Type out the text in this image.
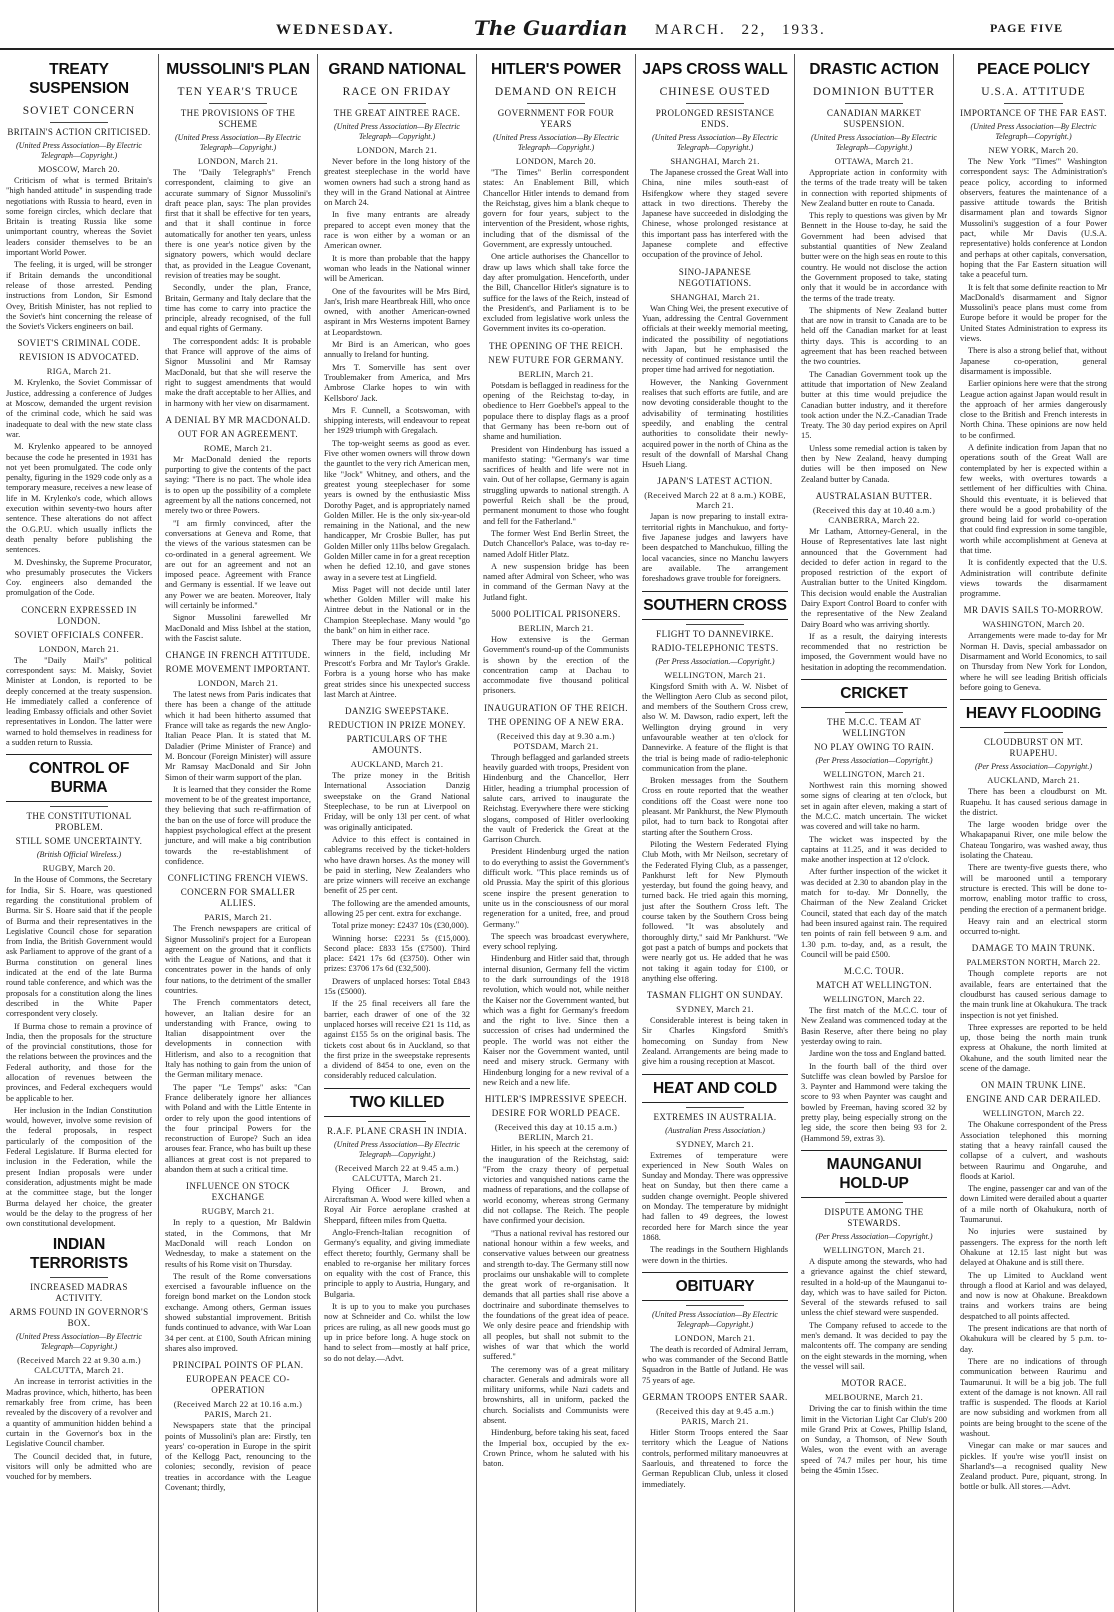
WEDNESDAY.	The Guardian MARCH. 22, 1933.	PAGE FIVE
TREATY SUSPENSION
SOVIET CONCERN
BRITAIN'S ACTION CRITICISED.
(United Press Association—By Electric Telegraph—Copyright.)
MOSCOW, March 20.

Criticism of what is termed Britain's "high handed attitude" in suspending trade negotiations with Russia to heard, even in some foreign circles, which declare that Britain is treating Russia like some unimportant country, whereas the Soviet leaders consider themselves to be an important World Power.

The feeling, it is urged, will be stronger if Britain demands the unconditional release of those arrested. Pending instructions from London, Sir Esmond Ovey, British Minister, has not replied to the Soviet's hint concerning the release of the Soviet's Vickers engineers on bail.

SOVIET'S CRIMINAL CODE.
REVISION IS ADVOCATED.
RIGA, March 21.

M. Krylenko, the Soviet Commissar of Justice, addressing a conference of Judges at Moscow, demanded the urgent revision of the criminal code, which he said was inadequate to deal with the new state class war.

M. Krylenko appeared to be annoyed because the code he presented in 1931 has not yet been promulgated. The code only penalty, figuring in the 1929 code only as a temporary measure, receives a new lease of life in M. Krylenko's code, which allows execution within seventy-two hours after sentence. These alterations do not affect the O.G.P.U. which usually inflicts the death penalty before publishing the sentences.

M. Dveshinsky, the Supreme Procurator, who presumably prosecutes the Vickers Coy. engineers also demanded the promulgation of the Code.

CONCERN EXPRESSED IN LONDON.
SOVIET OFFICIALS CONFER.
LONDON, March 21.

The "Daily Mail's" political correspondent says: M. Maisky, Soviet Minister at London, is reported to be deeply concerned at the treaty suspension. He immediately called a conference of leading Embassy officials and other Soviet representatives in London. The latter were warned to hold themselves in readiness for a sudden return to Russia.

CONTROL OF BURMA
THE CONSTITUTIONAL PROBLEM.
STILL SOME UNCERTAINTY.
(British Official Wireless.)
RUGBY, March 20.

In the House of Commons, the Secretary for India, Sir S. Hoare, was questioned regarding the constitutional problem of Burma. Sir S. Hoare said that if the people of Burma and their representatives in the Legislative Council chose for separation from India, the British Government would ask Parliament to approve of the grant of a Burma constitution on general lines indicated at the end of the late Burma round table conference, and which was the proposals for a constitution along the lines described in the White Paper correspondent very closely.

If Burma chose to remain a province of India, then the proposals for the structure of the provincial constitutions, those for the relations between the provinces and the Federal authority, and those for the allocation of revenues between the provinces, and Federal exchequers would be applicable to her.

Her inclusion in the Indian Constitution would, however, involve some revision of the federal proposals, in respect particularly of the composition of the Federal Legislature. If Burma elected for inclusion in the Federation, while the present Indian proposals were under consideration, adjustments might be made at the committee stage, but the longer Burma delayed her choice, the greater would be the delay to the progress of her own constitutional development.

INDIAN TERRORISTS
INCREASED MADRAS ACTIVITY.
ARMS FOUND IN GOVERNOR'S BOX.
(United Press Association—By Electric Telegraph—Copyright.)
(Received March 22 at 9.30 a.m.) CALCUTTA, March 21.

An increase in terrorist activities in the Madras province, which, hitherto, has been remarkably free from crime, has been revealed by the discovery of a revolver and a quantity of ammunition hidden behind a curtain in the Governor's box in the Legislative Council chamber.

The Council decided that, in future, visitors will only be admitted who are vouched for by members.

MUSSOLINI'S PLAN
TEN YEAR'S TRUCE
THE PROVISIONS OF THE SCHEME
(United Press Association—By Electric Telegraph—Copyright.)
LONDON, March 21.

The "Daily Telegraph's" French correspondent, claiming to give an accurate summary of Signor Mussolini's draft peace plan, says: The plan provides first that it shall be effective for ten years, and that it shall continue in force automatically for another ten years, unless there is one year's notice given by the signatory powers, which would declare that, as provided in the League Covenant, revision of treaties may be sought.

Secondly, under the plan, France, Britain, Germany and Italy declare that the time has come to carry into practice the principle, already recognised, of the full and equal rights of Germany.

The correspondent adds: It is probable that France will approve of the aims of Signor Mussolini and Mr Ramsay MacDonald, but that she will reserve the right to suggest amendments that would make the draft acceptable to her Allies, and in harmony with her view on disarmament.

A DENIAL BY MR MACDONALD.
OUT FOR AN AGREEMENT.
ROME, March 21.

Mr MacDonald denied the reports purporting to give the contents of the pact saying: "There is no pact. The whole idea is to open up the possibility of a complete agreement by all the nations concerned, not merely two or three Powers.

"I am firmly convinced, after the conversations at Geneva and Rome, that the views of the various statesmen can be co-ordinated in a general agreement. We are out for an agreement and not an imposed peace. Agreement with France and Germany is essential. If we leave out any Power we are beaten. Moreover, Italy will certainly be informed."

Signor Mussolini farewelled Mr MacDonald and Miss Ishbel at the station, with the Fascist salute.

CHANGE IN FRENCH ATTITUDE.
ROME MOVEMENT IMPORTANT.
LONDON, March 21.

The latest news from Paris indicates that there has been a change of the attitude which it had been hitherto assumed that France will take as regards the new Anglo-Italian Peace Plan. It is stated that M. Daladier (Prime Minister of France) and M. Boncour (Foreign Minister) will assure Mr Ramsay MacDonald and Sir John Simon of their warm support of the plan.

It is learned that they consider the Rome movement to be of the greatest importance, they believing that such re-affirmation of the ban on the use of force will produce the happiest psychological effect at the present juncture, and will make a big contribution towards the re-establishment of confidence.

CONFLICTING FRENCH VIEWS.
CONCERN FOR SMALLER ALLIES.
PARIS, March 21.

The French newspapers are critical of Signor Mussolini's project for a European agreement on the ground that it conflicts with the League of Nations, and that it concentrates power in the hands of only four nations, to the detriment of the smaller countries.

The French commentators detect, however, an Italian desire for an understanding with France, owing to Italian disappointment over the developments in connection with Hitlerism, and also to a recognition that Italy has nothing to gain from the union of the German military menace.

The paper "Le Temps" asks: "Can France deliberately ignore her alliances with Poland and with the Little Entente in order to rely upon the good intentions of the four principal Powers for the reconstruction of Europe? Such an idea arouses fear. France, who has built up these alliances at great cost is not prepared to abandon them at such a critical time.

INFLUENCE ON STOCK EXCHANGE
RUGBY, March 21.

In reply to a question, Mr Baldwin stated, in the Commons, that Mr MacDonald will reach London on Wednesday, to make a statement on the results of his Rome visit on Thursday.

The result of the Rome conversations exercised a favourable influence on the foreign bond market on the London stock exchange. Among others, German issues showed substantial improvement. British funds continued to advance, with War Loan 34 per cent. at £100, South African mining shares also improved.

PRINCIPAL POINTS OF PLAN.
EUROPEAN PEACE CO-OPERATION
(Received March 22 at 10.16 a.m.) PARIS, March 21.

Newspapers state that the principal points of Mussolini's plan are: Firstly, ten years' co-operation in Europe in the spirit of the Kellogg Pact, renouncing to the colonies; secondly, revision of peace treaties in accordance with the League Covenant; thirdly,

GRAND NATIONAL
RACE ON FRIDAY
THE GREAT AINTREE RACE.
(United Press Association—By Electric Telegraph—Copyright.)
LONDON, March 21.

Never before in the long history of the greatest steeplechase in the world have women owners had such a strong hand as they will in the Grand National at Aintree on March 24.

In five many entrants are already prepared to accept even money that the race is won either by a woman or an American owner.

It is more than probable that the happy woman who leads in the National winner will be American.

One of the favourites will be Mrs Bird, Jan's, Irish mare Heartbreak Hill, who once owned, with another American-owned aspirant in Mrs Westerns impotent Barney at Leopardstown.

Mr Bird is an American, who goes annually to Ireland for hunting.

Mrs T. Somerville has sent over Troublemaker from America, and Mrs Ambrose Clarke hopes to win with Kellsboro' Jack.

Mrs F. Cunnell, a Scotswoman, with shipping interests, will endeavour to repeat her 1929 triumph with Gregalach.

The top-weight seems as good as ever. Five other women owners will throw down the gauntlet to the very rich American men, like "Jock" Whitney, and others, and the greatest young steeplechaser for some years is owned by the enthusiastic Miss Dorothy Paget, and is appropriately named Golden Miller. He is the only six-year-old remaining in the National, and the new handicapper, Mr Crosbie Buller, has put Golden Miller only 11lbs below Gregalach. Golden Miller came in for a great reception when he defied 12.10, and gave stones away in a severe test at Lingfield.

Miss Paget will not decide until later whether Golden Miller will make his Aintree debut in the National or in the Champion Steeplechase. Many would "go the bank" on him in either race.

There may be four previous National winners in the field, including Mr Prescott's Forbra and Mr Taylor's Grakle. Forbra is a young horse who has make great strides since his unexpected success last March at Aintree.

DANZIG SWEEPSTAKE.
REDUCTION IN PRIZE MONEY.
PARTICULARS OF THE AMOUNTS.
AUCKLAND, March 21.

The prize money in the British International Association Danzig sweepstake on the Grand National Steeplechase, to be run at Liverpool on Friday, will be only 13l per cent. of what was originally anticipated.

Advice to this effect is contained in cablegrams received by the ticket-holders who have drawn horses. As the money will be paid in sterling, New Zealanders who are prize winners will receive an exchange benefit of 25 per cent.

The following are the amended amounts, allowing 25 per cent. extra for exchange.

Total prize money: £2437 10s (£30,000).

Winning horse: £2231 5s (£15,000). Second place: £833 15s (£7500). Third place: £421 17s 6d (£3750). Other win prizes: £3706 17s 6d (£32,500).

Drawers of unplaced horses: Total £843 15s (£5000).

If the 25 final receivers all fare the barrier, each drawer of one of the 32 unplaced horses will receive £21 1s 11d, as against £155 5s on the original basis. The tickets cost about 6s in Auckland, so that the first prize in the sweepstake represents a dividend of 8454 to one, even on the considerably reduced calculation.

TWO KILLED
R.A.F. PLANE CRASH IN INDIA.
(United Press Association—By Electric Telegraph—Copyright.)
(Received March 22 at 9.45 a.m.) CALCUTTA, March 21.

Flying Officer J. Brown, and Aircraftsman A. Wood were killed when a Royal Air Force aeroplane crashed at Sheppard, fifteen miles from Quetta.

Anglo-French-Italian recognition of Germany's equality, and giving immediate effect thereto; fourthly, Germany shall be enabled to re-organise her military forces on equality with the cost of France, this principle to apply to Austria, Hungary, and Bulgaria.

It is up to you to make you purchases now at Schneider and Co. whilst the low prices are ruling, as all new goods must go up in price before long. A huge stock on hand to select from—mostly at half price, so do not delay.—Advt.

HITLER'S POWER
DEMAND ON REICH
GOVERNMENT FOR FOUR YEARS
(United Press Association—By Electric Telegraph—Copyright.)
LONDON, March 20.

"The Times" Berlin correspondent states: An Enablement Bill, which Chancellor Hitler intends to demand from the Reichstag, gives him a blank cheque to govern for four years, subject to the intervention of the President, whose rights, including that of the dismissal of the Government, are expressly untouched.

One article authorises the Chancellor to draw up laws which shall take force the day after promulgation. Henceforth, under the Bill, Chancellor Hitler's signature is to suffice for the laws of the Reich, instead of the President's, and Parliament is to be excluded from legislative work unless the Government invites its co-operation.

THE OPENING OF THE REICH.
NEW FUTURE FOR GERMANY.
BERLIN, March 21.

Potsdam is beflagged in readiness for the opening of the Reichstag to-day, in obedience to Herr Goebbel's appeal to the populace there to display flags as a proof that Germany has been re-born out of shame and humiliation.

President von Hindenburg has issued a manifesto stating: "Germany's war time sacrifices of health and life were not in vain. Out of her collapse, Germany is again struggling upwards to national strength. A powerful Reich shall be the proud, permanent monument to those who fought and fell for the Fatherland."

The former West End Berlin Street, the Dutch Chancellor's Palace, was to-day re-named Adolf Hitler Platz.

A new suspension bridge has been named after Admiral von Scheer, who was in command of the German Navy at the Jutland fight.

5000 POLITICAL PRISONERS.
BERLIN, March 21.

How extensive is the German Government's round-up of the Communists is shown by the erection of the concentration camp at Dachau to accommodate five thousand political prisoners.

INAUGURATION OF THE REICH.
THE OPENING OF A NEW ERA.
(Received this day at 9.30 a.m.) POTSDAM, March 21.

Through beflagged and garlanded streets heavily guarded with troops, President von Hindenburg and the Chancellor, Herr Hitler, heading a triumphal procession of salute cars, arrived to inaugurate the Reichstag. Everywhere there were sticking slogans, composed of Hitler overlooking the vault of Frederick the Great at the Garrison Church.

President Hindenburg urged the nation to do everything to assist the Government's difficult work. "This place reminds us of old Prussia. May the spirit of this glorious scene inspire the present generation to unite us in the consciousness of our moral regeneration for a united, free, and proud Germany."

The speech was broadcast everywhere, every school replying.

Hindenburg and Hitler said that, through internal disunion, Germany fell the victim to the dark surroundings of the 1918 revolution, which would not, while neither the Kaiser nor the Government wanted, but which was a fight for Germany's freedom and the right to live. Since then a succession of crises had undermined the people. The world was not either the Kaiser nor the Government wanted, until need and misery struck. Germany with Hindenburg longing for a new revival of a new Reich and a new life.

HITLER'S IMPRESSIVE SPEECH.
DESIRE FOR WORLD PEACE.
(Received this day at 10.15 a.m.) BERLIN, March 21.

Hitler, in his speech at the ceremony of the inauguration of the Reichstag, said: "From the crazy theory of perpetual victories and vanquished nations came the madness of reparations, and the collapse of world economy, whereas strong Germany did not collapse. The Reich. The people have confirmed your decision.

"Thus a national revival has restored our national honour within a few weeks, and conservative values between our greatness and strength to-day. The Germany still now proclaims our unshakable will to complete the great work of re-organisation. It demands that all parties shall rise above a doctrinaire and subordinate themselves to the foundations of the great idea of peace. We only desire peace and friendship with all peoples, but shall not submit to the wishes of war that which the world suffered."

The ceremony was of a great military character. Generals and admirals wore all military uniforms, while Nazi cadets and brownshirts, all in uniform, packed the church. Socialists and Communists were absent.

Hindenburg, before taking his seat, faced the Imperial box, occupied by the ex-Crown Prince, whom he saluted with his baton.

JAPS CROSS WALL
CHINESE OUSTED
PROLONGED RESISTANCE ENDS.
(United Press Association—By Electric Telegraph—Copyright.)
SHANGHAI, March 21.

The Japanese crossed the Great Wall into China, nine miles south-east of Hsifengkow where they staged severe attack in two directions. Thereby the Japanese have succeeded in dislodging the Chinese, whose prolonged resistance at this important pass has interfered with the Japanese complete and effective occupation of the province of Jehol.

SINO-JAPANESE NEGOTIATIONS.
SHANGHAI, March 21.

Wan Ching Wei, the present executive of Yuan, addressing the Central Government officials at their weekly memorial meeting, indicated the possibility of negotiations with Japan, but he emphasised the necessity of continued resistance until the proper time had arrived for negotiation.

However, the Nanking Government realises that such efforts are futile, and are now devoting considerable thought to the advisability of terminating hostilities speedily, and enabling the central authorities to consolidate their newly-acquired power in the north of China as the result of the downfall of Marshal Chang Hsueh Liang.

JAPAN'S LATEST ACTION.
(Received March 22 at 8 a.m.) KOBE, March 21.

Japan is now preparing to install extra-territorial rights in Manchukuo, and forty-five Japanese judges and lawyers have been despatched to Manchukuo, filling the local vacancies, since no Manchu lawyers are available. The arrangement foreshadows grave trouble for foreigners.

SOUTHERN CROSS
FLIGHT TO DANNEVIRKE.
RADIO-TELEPHONIC TESTS.
(Per Press Association.—Copyright.)
WELLINGTON, March 21.

Kingsford Smith with A. W. Nisbet of the Wellington Aero Club as second pilot, and members of the Southern Cross crew, also W. M. Dawson, radio expert, left the Wellington drying ground in very unfavourable weather at ten o'clock for Dannevirke. A feature of the flight is that the trial is being made of radio-telephonic communication from the plane.

Broken messages from the Southern Cross en route reported that the weather conditions off the Coast were none too pleasant. Mr Pankhurst, the New Plymouth pilot, had to turn back to Rongotai after starting after the Southern Cross.

Piloting the Western Federated Flying Club Moth, with Mr Neilson, secretary of the Federated Flying Club, as a passenger, Pankhurst left for New Plymouth yesterday, but found the going heavy, and turned back. He tried again this morning, just after the Southern Cross left. The course taken by the Southern Cross being followed. "It was absolutely and thoroughly dirty," said Mr Pankhurst. "We got past a patch of bumps and pockets that were nearly got us. He added that he was not taking it again today for £100, or anything else offering.

TASMAN FLIGHT ON SUNDAY.
SYDNEY, March 21.

Considerable interest is being taken in Sir Charles Kingsford Smith's homecoming on Sunday from New Zealand. Arrangements are being made to give him a rousing reception at Mascot.

HEAT AND COLD
EXTREMES IN AUSTRALIA.
(Australian Press Association.)
SYDNEY, March 21.

Extremes of temperature were experienced in New South Wales on Sunday and Monday. There was oppressive heat on Sunday, but then there came a sudden change overnight. People shivered on Monday. The temperature by midnight had fallen to 49 degrees, the lowest recorded here for March since the year 1868.

The readings in the Southern Highlands were down in the thirties.

OBITUARY
(United Press Association—By Electric Telegraph—Copyright.)
LONDON, March 21.

The death is recorded of Admiral Jerram, who was commander of the Second Battle Squadron in the Battle of Jutland. He was 75 years of age.

GERMAN TROOPS ENTER SAAR.
(Received this day at 9.45 a.m.) PARIS, March 21.

Hitler Storm Troops entered the Saar territory which the League of Nations controls, performed military manoeuvres at Saarlouis, and threatened to force the German Republican Club, unless it closed immediately.

DRASTIC ACTION
DOMINION BUTTER
CANADIAN MARKET SUSPENSION.
(United Press Association—By Electric Telegraph—Copyright.)
OTTAWA, March 21.

Appropriate action in conformity with the terms of the trade treaty will be taken in connection with reported shipments of New Zealand butter en route to Canada.

This reply to questions was given by Mr Bennett in the House to-day, he said the Government had been advised that substantial quantities of New Zealand butter were on the high seas en route to this country. He would not disclose the action the Government proposed to take, stating only that it would be in accordance with the terms of the trade treaty.

The shipments of New Zealand butter that are now in transit to Canada are to be held off the Canadian market for at least thirty days. This is according to an agreement that has been reached between the two countries.

The Canadian Government took up the attitude that importation of New Zealand butter at this time would prejudice the Canadian butter industry, and it therefore took action under the N.Z.-Canadian Trade Treaty. The 30 day period expires on April 15.

Unless some remedial action is taken by then by New Zealand, heavy dumping duties will be then imposed on New Zealand butter by Canada.

AUSTRALASIAN BUTTER.
(Received this day at 10.40 a.m.) CANBERRA, March 22.

Mr Latham, Attorney-General, in the House of Representatives late last night announced that the Government had decided to defer action in regard to the proposed restriction of the export of Australian butter to the United Kingdom. This decision would enable the Australian Dairy Export Control Board to confer with the representative of the New Zealand Dairy Board who was arriving shortly.

If as a result, the dairying interests recommended that no restriction be imposed, the Government would have no hesitation in adopting the recommendation.

CRICKET
THE M.C.C. TEAM AT WELLINGTON
NO PLAY OWING TO RAIN.
(Per Press Association—Copyright.)
WELLINGTON, March 21.

Northwest rain this morning showed some signs of clearing at ten o'clock, but set in again after eleven, making a start of the M.C.C. match uncertain. The wicket was covered and will take no harm.

The wicket was inspected by the captains at 11.25, and it was decided to make another inspection at 12 o'clock.

After further inspection of the wicket it was decided at 2.30 to abandon play in the match for to-day. Mr Donnelly, the Chairman of the New Zealand Cricket Council, stated that each day of the match had been insured against rain. The required ten points of rain fell between 9 a.m. and 1.30 p.m. to-day, and, as a result, the Council will be paid £500.

M.C.C. TOUR.
MATCH AT WELLINGTON.
WELLINGTON, March 22.

The first match of the M.C.C. tour of New Zealand was commenced today at the Basin Reserve, after there being no play yesterday owing to rain.

Jardine won the toss and England batted.

In the fourth ball of the third over Sutcliffe was clean bowled by Parsloe for 3. Paynter and Hammond were taking the score to 93 when Paynter was caught and bowled by Freeman, having scored 32 by pretty play, being especially strong on the leg side, the score then being 93 for 2. (Hammond 59, extras 3).

MAUNGANUI HOLD-UP
DISPUTE AMONG THE STEWARDS.
(Per Press Association—Copyright.)
WELLINGTON, March 21.

A dispute among the stewards, who had a grievance against the chief steward, resulted in a hold-up of the Maunganui to-day, which was to have sailed for Picton. Several of the stewards refused to sail unless the chief steward were suspended.

The Company refused to accede to the men's demand. It was decided to pay the malcontents off. The company are sending on the eight stewards in the morning, when the vessel will sail.

MOTOR RACE.
MELBOURNE, March 21.

Driving the car to finish within the time limit in the Victorian Light Car Club's 200 mile Grand Prix at Cowes, Phillip Island, on Sunday, a Thomson, of New South Wales, won the event with an average speed of 74.7 miles per hour, his time being the 45min 15sec.

PEACE POLICY
U.S.A. ATTITUDE
IMPORTANCE OF THE FAR EAST.
(United Press Association—By Electric Telegraph—Copyright.)
NEW YORK, March 20.

The New York "Times'" Washington correspondent says: The Administration's peace policy, according to informed observers, features the maintenance of a passive attitude towards the British disarmament plan and towards Signor Mussolini's suggestion of a four Power pact, while Mr Davis (U.S.A. representative) holds conference at London and perhaps at other capitals, conversation, hoping that the Far Eastern situation will take a peaceful turn.

It is felt that some definite reaction to Mr MacDonald's disarmament and Signor Mussolini's peace plans must come from Europe before it would be proper for the United States Administration to express its views.

There is also a strong belief that, without Japanese co-operation, general disarmament is impossible.

Earlier opinions here were that the strong League action against Japan would result in the approach of her armies dangerously close to the British and French interests in North China. These opinions are now held to be confirmed.

A definite indication from Japan that no operations south of the Great Wall are contemplated by her is expected within a few weeks, with overtures towards a settlement of her difficulties with China. Should this eventuate, it is believed that there would be a good probability of the ground being laid for world co-operation that could find expression in some tangible, worth while accomplishment at Geneva at that time.

It is confidently expected that the U.S. Administration will contribute definite views towards the disarmament programme.

MR DAVIS SAILS TO-MORROW.
WASHINGTON, March 20.

Arrangements were made to-day for Mr Norman H. Davis, special ambassador on Disarmament and World Economics, to sail on Thursday from New York for London, where he will see leading British officials before going to Geneva.

HEAVY FLOODING
CLOUDBURST ON MT. RUAPEHU.
(Per Press Association—Copyright.)
AUCKLAND, March 21.

There has been a cloudburst on Mt. Ruapehu. It has caused serious damage in the district.

The large wooden bridge over the Whakapapanui River, one mile below the Chateau Tongariro, was washed away, thus isolating the Chateau.

There are twenty-five guests there, who will be marooned until a temporary structure is erected. This will be done to-morrow, enabling motor traffic to cross, pending the erection of a permanent bridge.

Heavy rain and an electrical storm occurred to-night.

DAMAGE TO MAIN TRUNK.
PALMERSTON NORTH, March 22.

Though complete reports are not available, fears are entertained that the cloudburst has caused serious damage to the main trunk line at Okahukura. The track inspection is not yet finished.

Three expresses are reported to be held up, those being the north main trunk express at Ohakune, the north limited at Okahune, and the south limited near the scene of the damage.

ON MAIN TRUNK LINE.
ENGINE AND CAR DERAILED.
WELLINGTON, March 22.

The Ohakune correspondent of the Press Association telephoned this morning stating that a heavy rainfall caused the collapse of a culvert, and washouts between Raurimu and Ongaruhe, and floods at Kariol.

The engine, passenger car and van of the down Limited were derailed about a quarter of a mile north of Okahukura, north of Taumarunui.

No injuries were sustained by passengers. The express for the north left Ohakune at 12.15 last night but was delayed at Ohakune and is still there.

The up Limited to Auckland went through a flood at Kariol and was delayed, and now is now at Ohakune. Breakdown trains and workers trains are being despatched to all points affected.

The present indications are that north of Okahukura will be cleared by 5 p.m. to-day.

There are no indications of through communication between Raurimu and Taumarunui. It will be a big job. The full extent of the damage is not known. All rail traffic is suspended. The floods at Kariol are now subsiding and workmen from all points are being brought to the scene of the washout.

Vinegar can make or mar sauces and pickles. If you're wise you'll insist on Sharland's—a recognised quality New Zealand product. Pure, piquant, strong. In bottle or bulk. All stores.—Advt.
